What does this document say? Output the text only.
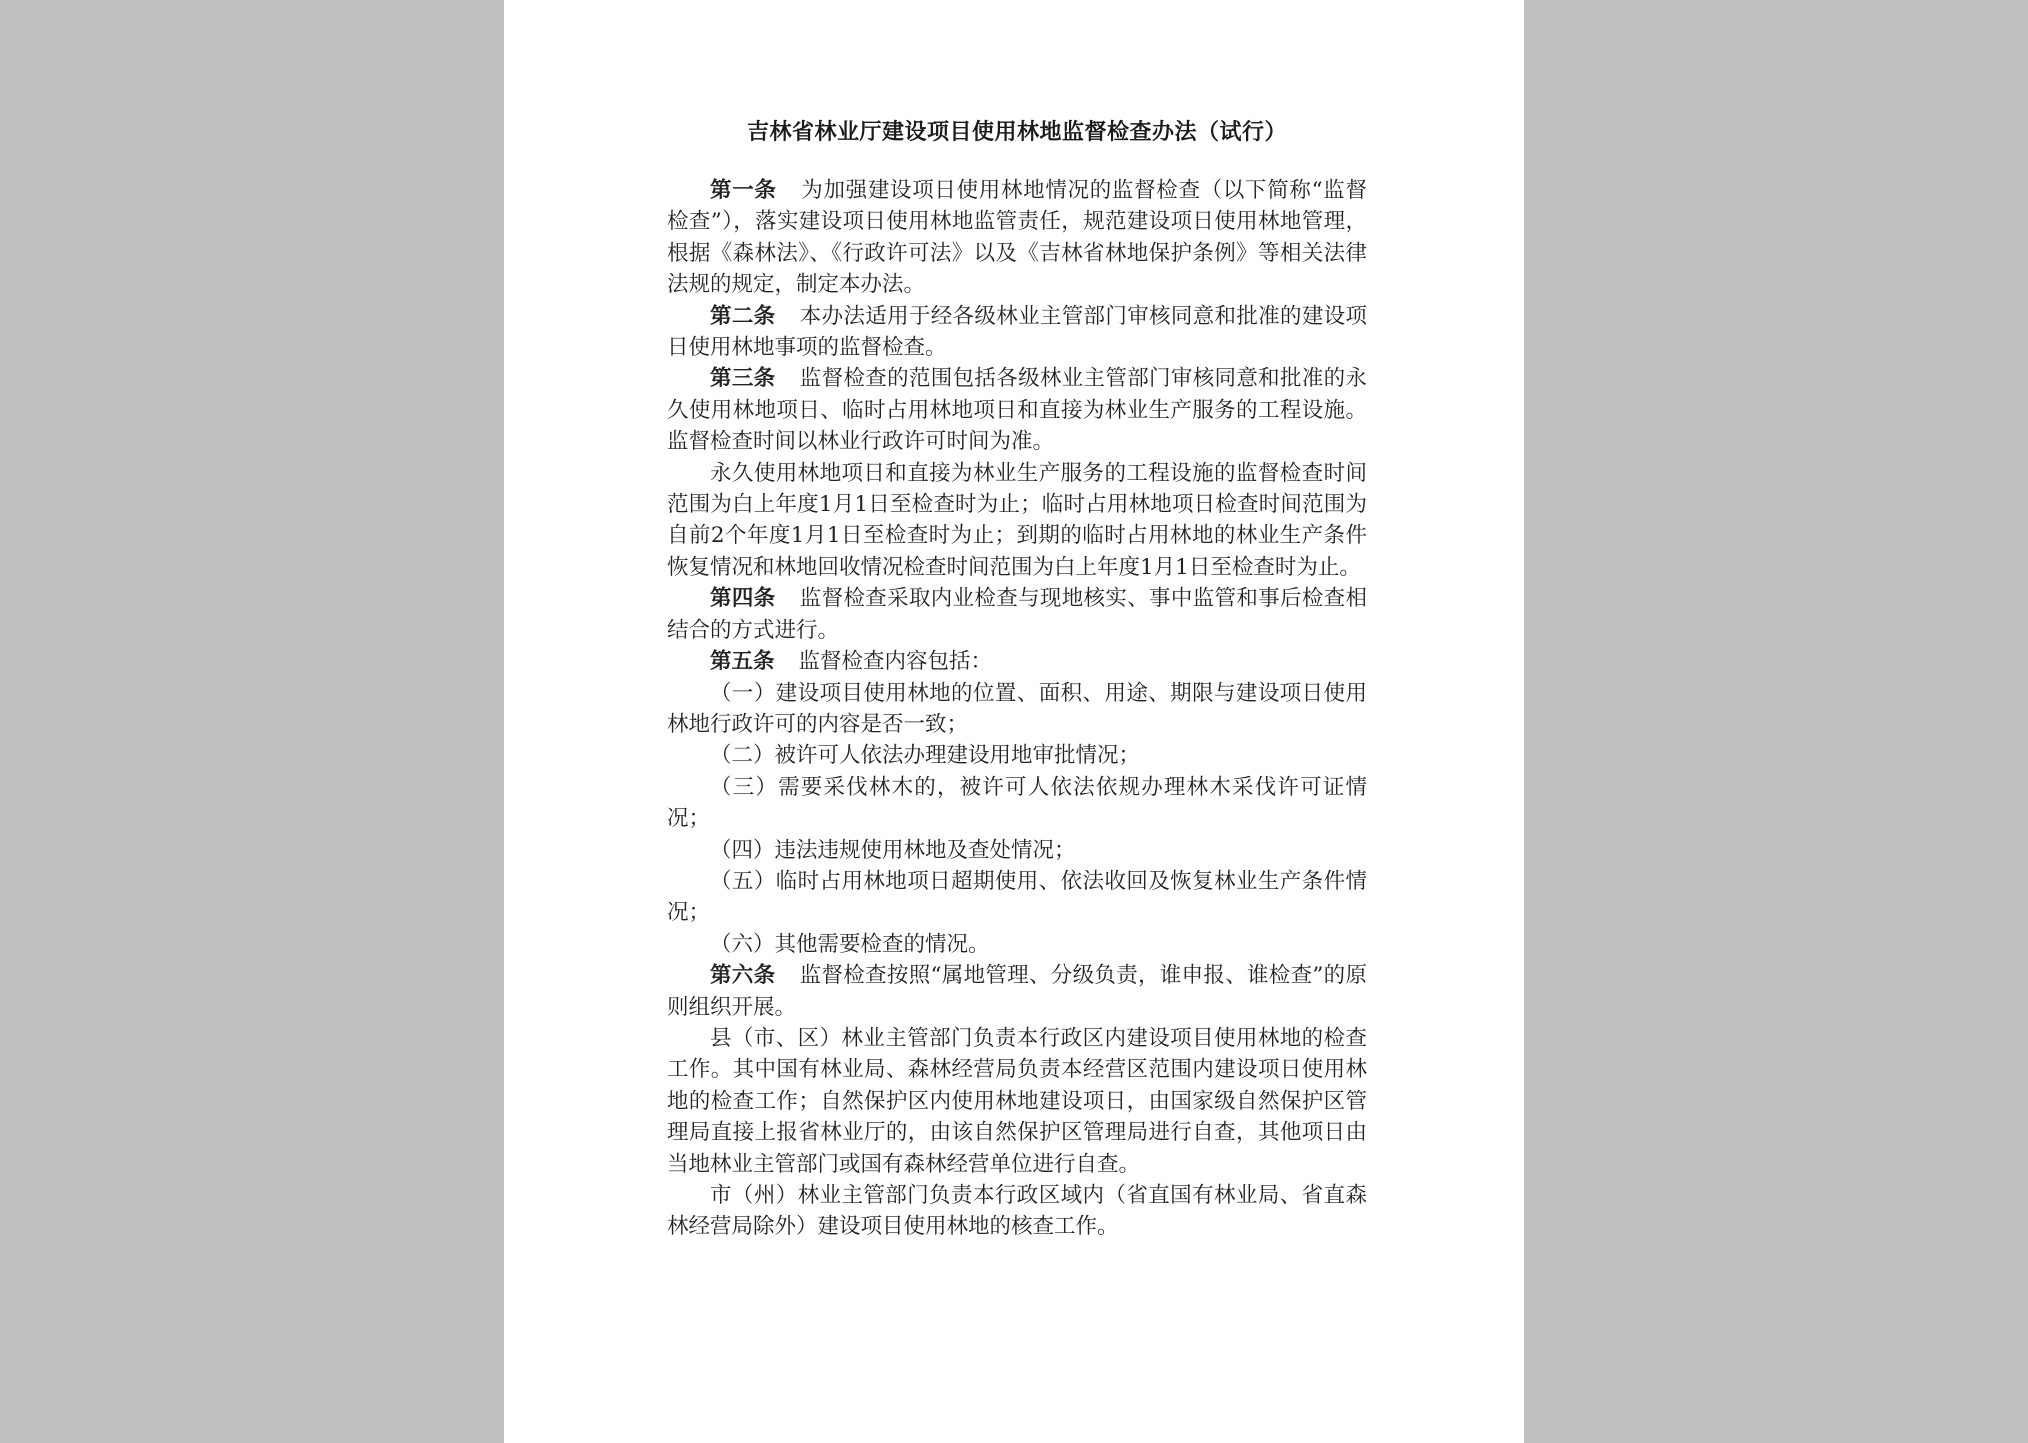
吉林省林业厅建设项目使用林地监督检查办法（试行）

第一条 为加强建设项日使用林地情况的监督检查（以下简称“监督检查”），落实建设项日使用林地监管责任，规范建设项日使用林地管理，根据《森林法》、《行政许可法》以及《吉林省林地保护条例》等相关法律法规的规定，制定本办法。

第二条 本办法适用于经各级林业主管部门审核同意和批准的建设项日使用林地事项的监督检查。

第三条 监督检查的范围包括各级林业主管部门审核同意和批准的永久使用林地项日、临时占用林地项日和直接为林业生产服务的工程设施。监督检查时间以林业行政许可时间为准。

永久使用林地项日和直接为林业生产服务的工程设施的监督检查时间范围为白上年度1月1日至检查时为止；临时占用林地项日检查时间范围为自前2个年度1月1日至检查时为止；到期的临时占用林地的林业生产条件恢复情况和林地回收情况检查时间范围为白上年度1月1日至检查时为止。

第四条 监督检查采取内业检查与现地核实、事中监管和事后检查相结合的方式进行。

第五条 监督检查内容包括：

（一）建设项目使用林地的位置、面积、用途、期限与建设项日使用林地行政许可的内容是否一致；

（二）被许可人依法办理建设用地审批情况；

（三）需要采伐林木的，被许可人依法依规办理林木采伐许可证情况；

（四）违法违规使用林地及查处情况；

（五）临时占用林地项日超期使用、依法收回及恢复林业生产条件情况；

（六）其他需要检查的情况。

第六条 监督检查按照“属地管理、分级负责，谁申报、谁检查”的原则组织开展。

县（市、区）林业主管部门负责本行政区内建设项目使用林地的检查工作。其中国有林业局、森林经营局负责本经营区范围内建设项日使用林地的检查工作；自然保护区内使用林地建设项日，由国家级自然保护区管理局直接上报省林业厅的，由该自然保护区管理局进行自查，其他项日由当地林业主管部门或国有森林经营单位进行自查。

市（州）林业主管部门负责本行政区域内（省直国有林业局、省直森林经营局除外）建设项目使用林地的核查工作。
